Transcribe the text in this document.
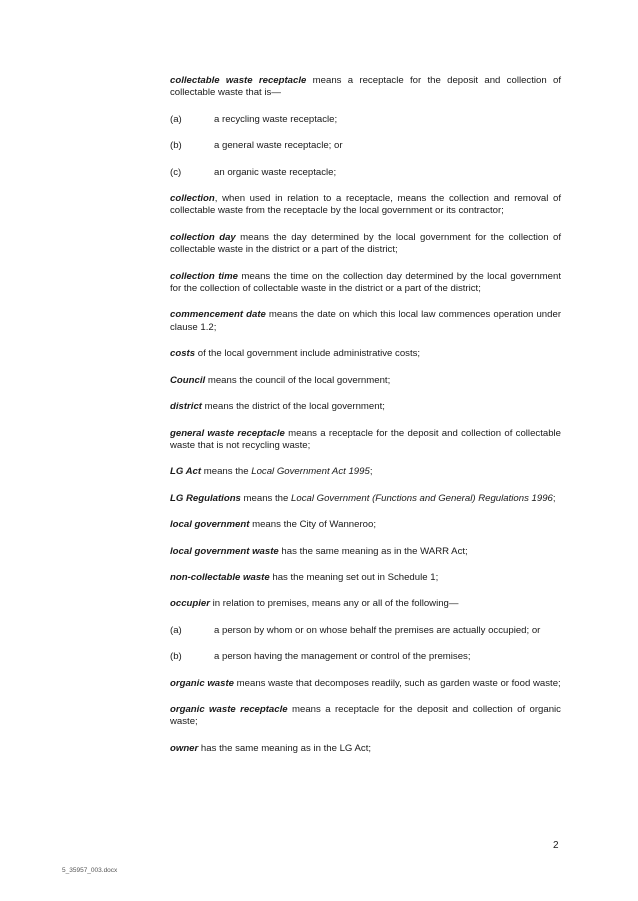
collectable waste receptacle means a receptacle for the deposit and collection of collectable waste that is—

(a)	a recycling waste receptacle;
(b)	a general waste receptacle; or
(c)	an organic waste receptacle;

collection, when used in relation to a receptacle, means the collection and removal of collectable waste from the receptacle by the local government or its contractor;

collection day means the day determined by the local government for the collection of collectable waste in the district or a part of the district;

collection time means the time on the collection day determined by the local government for the collection of collectable waste in the district or a part of the district;

commencement date means the date on which this local law commences operation under clause 1.2;

costs of the local government include administrative costs;

Council means the council of the local government;

district means the district of the local government;

general waste receptacle means a receptacle for the deposit and collection of collectable waste that is not recycling waste;

LG Act means the Local Government Act 1995;

LG Regulations means the Local Government (Functions and General) Regulations 1996;

local government means the City of Wanneroo;

local government waste has the same meaning as in the WARR Act;

non-collectable waste has the meaning set out in Schedule 1;

occupier in relation to premises, means any or all of the following—

(a)	a person by whom or on whose behalf the premises are actually occupied; or
(b)	a person having the management or control of the premises;

organic waste means waste that decomposes readily, such as garden waste or food waste;

organic waste receptacle means a receptacle for the deposit and collection of organic waste;

owner has the same meaning as in the LG Act;

2
5_35957_003.docx
